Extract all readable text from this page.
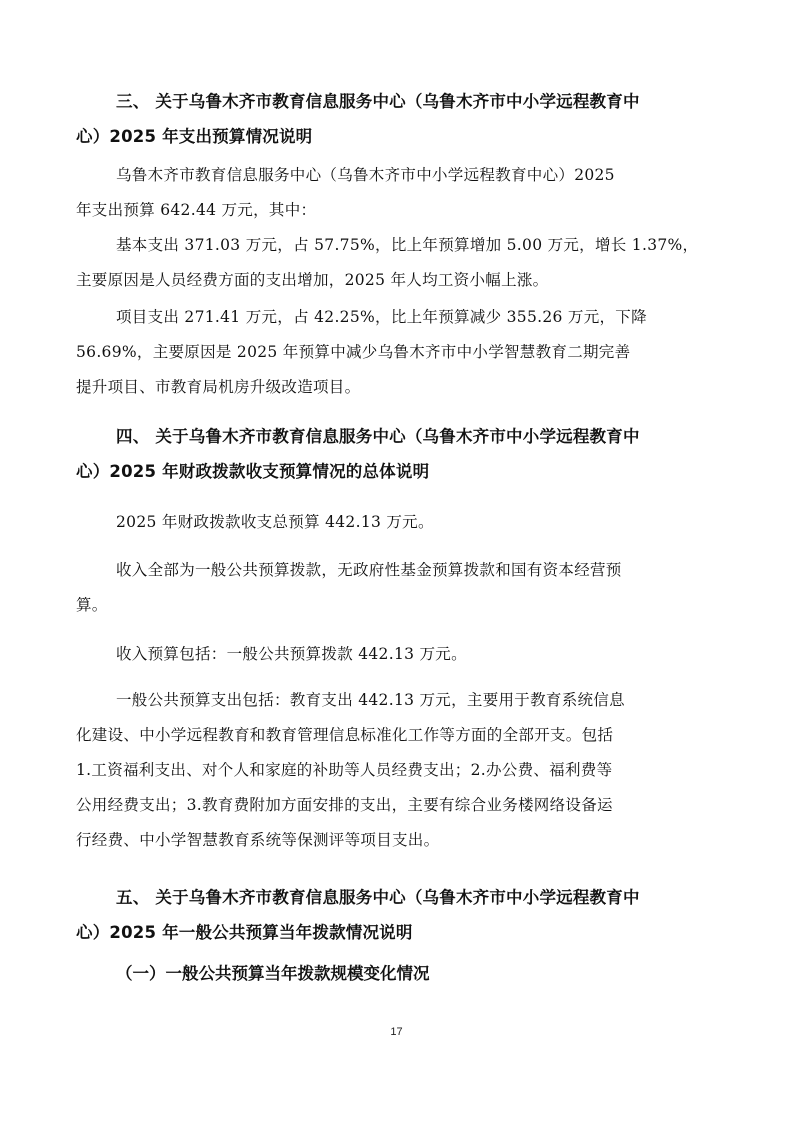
三、 关于乌鲁木齐市教育信息服务中心（乌鲁木齐市中小学远程教育中
心）2025 年支出预算情况说明
乌鲁木齐市教育信息服务中心（乌鲁木齐市中小学远程教育中心）2025
年支出预算 642.44 万元，其中：
基本支出 371.03 万元，占 57.75%，比上年预算增加 5.00 万元，增长 1.37%，
主要原因是人员经费方面的支出增加，2025 年人均工资小幅上涨。
项目支出 271.41 万元，占 42.25%，比上年预算减少 355.26 万元，下降
56.69%，主要原因是 2025 年预算中减少乌鲁木齐市中小学智慧教育二期完善
提升项目、市教育局机房升级改造项目。
四、 关于乌鲁木齐市教育信息服务中心（乌鲁木齐市中小学远程教育中
心）2025 年财政拨款收支预算情况的总体说明
2025 年财政拨款收支总预算 442.13 万元。
收入全部为一般公共预算拨款，无政府性基金预算拨款和国有资本经营预
算。
收入预算包括：一般公共预算拨款 442.13 万元。
一般公共预算支出包括：教育支出 442.13 万元，主要用于教育系统信息
化建设、中小学远程教育和教育管理信息标准化工作等方面的全部开支。包括
1.工资福利支出、对个人和家庭的补助等人员经费支出；2.办公费、福利费等
公用经费支出；3.教育费附加方面安排的支出，主要有综合业务楼网络设备运
行经费、中小学智慧教育系统等保测评等项目支出。
五、 关于乌鲁木齐市教育信息服务中心（乌鲁木齐市中小学远程教育中
心）2025 年一般公共预算当年拨款情况说明
（一）一般公共预算当年拨款规模变化情况
17
